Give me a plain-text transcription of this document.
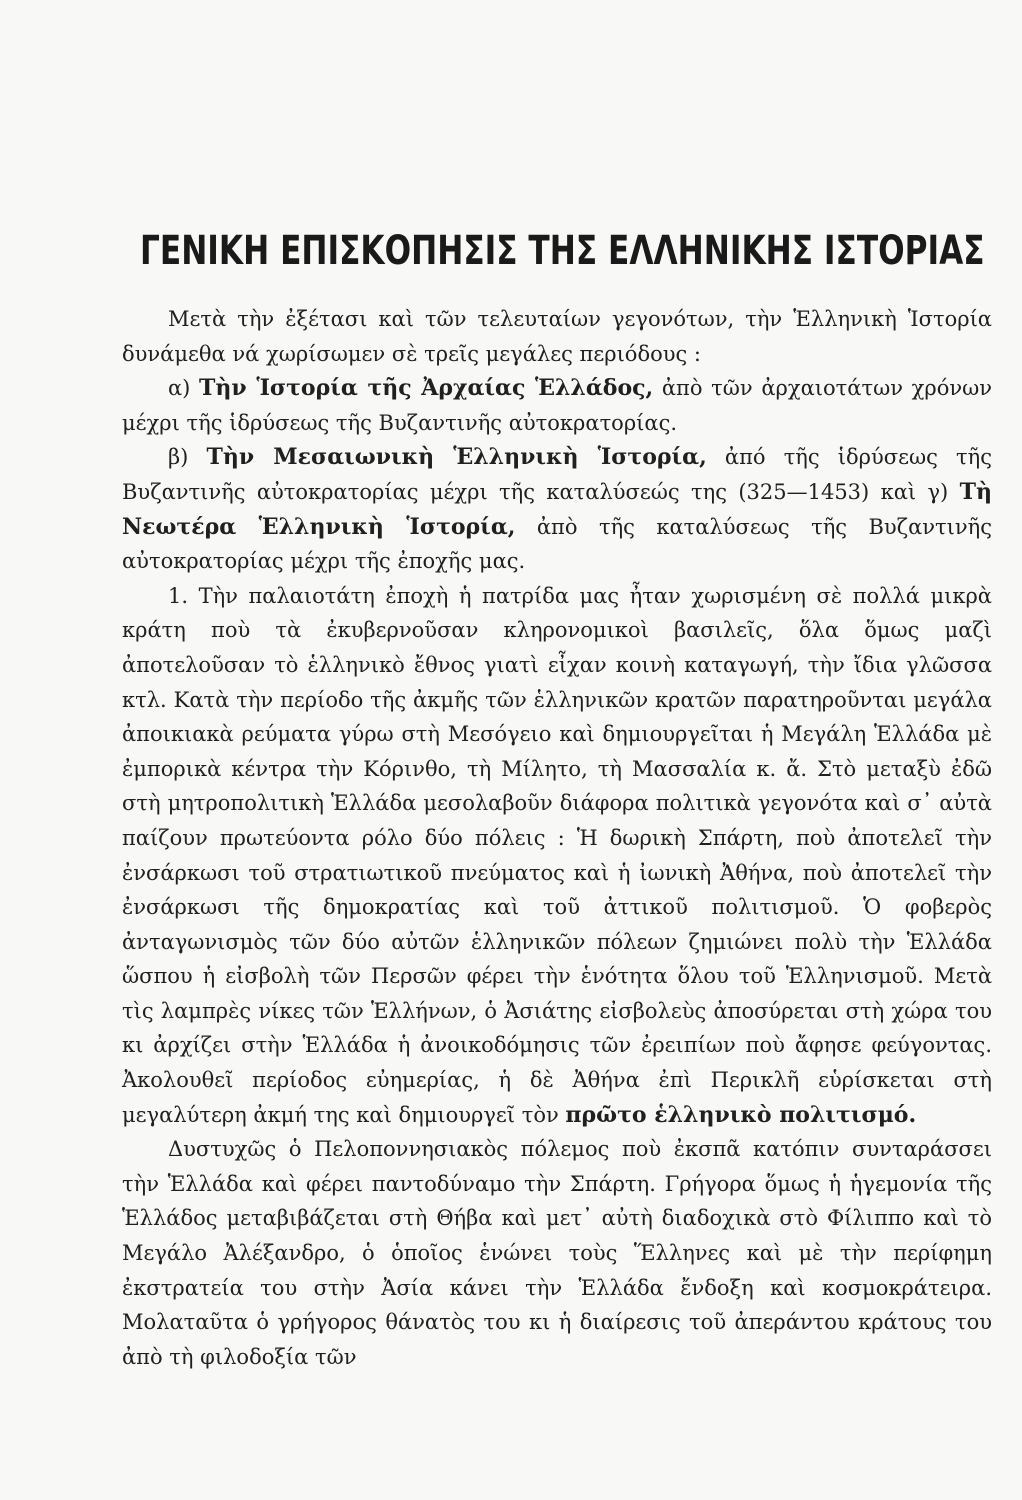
ΓΕΝΙΚΗ ΕΠΙΣΚΟΠΗΣΙΣ ΤΗΣ ΕΛΛΗΝΙΚΗΣ ΙΣΤΟΡΙΑΣ

Μετὰ τὴν ἐξέτασι καὶ τῶν τελευταίων γεγονότων, τὴν Ἑλληνικὴ Ἱστορία δυνάμεθα νά χωρίσωμεν σὲ τρεῖς μεγάλες περιόδους :

α) Τὴν Ἱστορία τῆς Ἀρχαίας Ἑλλάδος, ἀπὸ τῶν ἀρχαιοτάτων χρόνων μέχρι τῆς ἱδρύσεως τῆς Βυζαντινῆς αὐτοκρατορίας.

β) Τὴν Μεσαιωνικὴ Ἑλληνικὴ Ἱστορία, ἀπό τῆς ἱδρύσεως τῆς Βυζαντινῆς αὐτοκρατορίας μέχρι τῆς καταλύσεώς της (325—1453) καὶ γ) Τὴ Νεωτέρα Ἑλληνικὴ Ἱστορία, ἀπὸ τῆς καταλύσεως τῆς Βυζαντινῆς αὐτοκρατορίας μέχρι τῆς ἐποχῆς μας.

1. Τὴν παλαιοτάτη ἐποχὴ ἡ πατρίδα μας ἦταν χωρισμένη σὲ πολλά μικρὰ κράτη ποὺ τὰ ἐκυβερνοῦσαν κληρονομικοὶ βασιλεῖς, ὅλα ὅμως μαζὶ ἀποτελοῦσαν τὸ ἑλληνικὸ ἔθνος γιατὶ εἶχαν κοινὴ καταγωγή, τὴν ἴδια γλῶσσα κτλ. Κατὰ τὴν περίοδο τῆς ἀκμῆς τῶν ἑλληνικῶν κρατῶν παρατηροῦνται μεγάλα ἀποικιακὰ ρεύματα γύρω στὴ Μεσόγειο καὶ δημιουργεῖται ἡ Μεγάλη Ἑλλάδα μὲ ἐμπορικὰ κέντρα τὴν Κόρινθο, τὴ Μίλητο, τὴ Μασσαλία κ. ἄ. Στὸ μεταξὺ ἐδῶ στὴ μητροπολιτικὴ Ἑλλάδα μεσολαβοῦν διάφορα πολιτικὰ γεγονότα καὶ σ᾿ αὐτὰ παίζουν πρωτεύοντα ρόλο δύο πόλεις : Ἡ δωρικὴ Σπάρτη, ποὺ ἀποτελεῖ τὴν ἐνσάρκωσι τοῦ στρατιωτικοῦ πνεύματος καὶ ἡ ἰωνικὴ Ἀθήνα, ποὺ ἀποτελεῖ τὴν ἐνσάρκωσι τῆς δημοκρατίας καὶ τοῦ ἀττικοῦ πολιτισμοῦ. Ὁ φοβερὸς ἀνταγωνισμὸς τῶν δύο αὐτῶν ἑλληνικῶν πόλεων ζημιώνει πολὺ τὴν Ἑλλάδα ὥσπου ἡ εἰσβολὴ τῶν Περσῶν φέρει τὴν ἑνότητα ὅλου τοῦ Ἑλληνισμοῦ. Μετὰ τὶς λαμπρὲς νίκες τῶν Ἑλλήνων, ὁ Ἀσιάτης εἰσβολεὺς ἀποσύρεται στὴ χώρα του κι ἀρχίζει στὴν Ἑλλάδα ἡ ἀνοικοδόμησις τῶν ἐρειπίων ποὺ ἄφησε φεύγοντας. Ἀκολουθεῖ περίοδος εὐημερίας, ἡ δὲ Ἀθήνα ἐπὶ Περικλῆ εὑρίσκεται στὴ μεγαλύτερη ἀκμή της καὶ δημιουργεῖ τὸν πρῶτο ἑλληνικὸ πολιτισμό.

Δυστυχῶς ὁ Πελοποννησιακὸς πόλεμος ποὺ ἐκσπᾶ κατόπιν συνταράσσει τὴν Ἑλλάδα καὶ φέρει παντοδύναμο τὴν Σπάρτη. Γρήγορα ὅμως ἡ ἡγεμονία τῆς Ἑλλάδος μεταβιβάζεται στὴ Θήβα καὶ μετ᾿ αὐτὴ διαδοχικὰ στὸ Φίλιππο καὶ τὸ Μεγάλο Ἀλέξανδρο, ὁ ὁποῖος ἑνώνει τοὺς Ἕλληνες καὶ μὲ τὴν περίφημη ἐκστρατεία του στὴν Ἀσία κάνει τὴν Ἑλλάδα ἔνδοξη καὶ κοσμοκράτειρα. Μολαταῦτα ὁ γρήγορος θάνατὸς του κι ἡ διαίρεσις τοῦ ἀπεράντου κράτους του ἀπὸ τὴ φιλοδοξία τῶν
